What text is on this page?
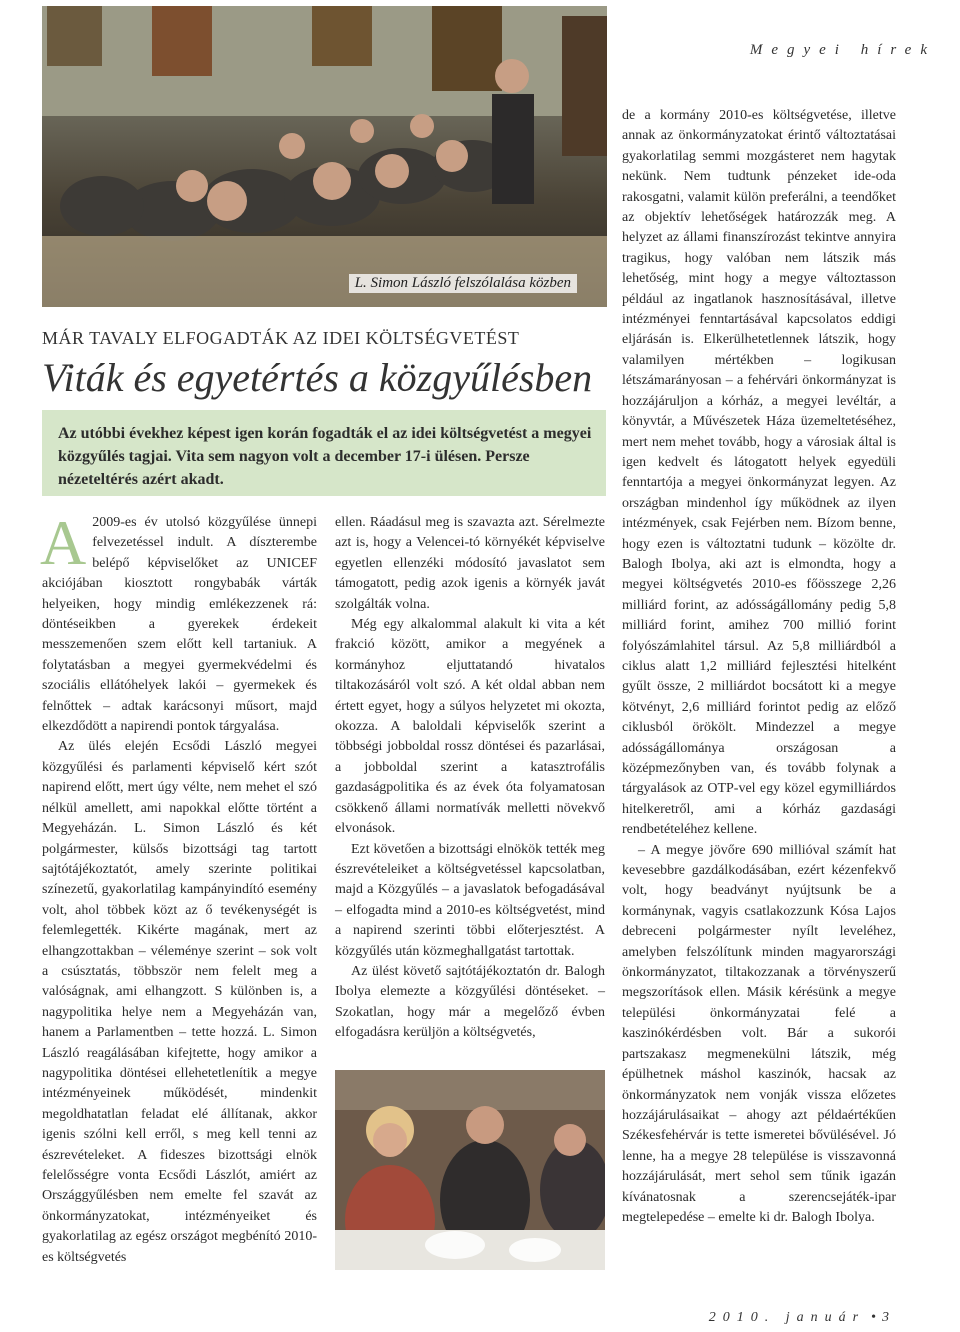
Megyei hírek
L. Simon László felszólalása közben
MÁR TAVALY ELFOGADTÁK AZ IDEI KÖLTSÉGVETÉST
Viták és egyetértés a közgyűlésben
Az utóbbi évekhez képest igen korán fogadták el az idei költségvetést a megyei közgyűlés tagjai. Vita sem nagyon volt a december 17-i ülésen. Persze nézeteltérés azért akadt.

A 2009-es év utolsó közgyűlése ünnepi felvezetéssel indult. A díszterembe belépő képviselőket az UNICEF akciójában kiosztott rongybabák várták helyeiken, hogy mindig emlékezzenek rá: döntéseikben a gyerekek érdekeit messzemenően szem előtt kell tartaniuk. A folytatásban a megyei gyermekvédelmi és szociális ellátóhelyek lakói – gyermekek és felnőttek – adtak karácsonyi műsort, majd elkezdődött a napirendi pontok tárgyalása.

Az ülés elején Ecsődi László megyei közgyűlési és parlamenti képviselő kért szót napirend előtt, mert úgy vélte, nem mehet el szó nélkül amellett, ami napokkal előtte történt a Megyeházán. L. Simon László és két polgármester, külsős bizottsági tag tartott sajtótájékoztatót, amely szerinte politikai színezetű, gyakorlatilag kampányindító esemény volt, ahol többek közt az ő tevékenységét is felemlegették. Kikérte magának, mert az elhangzottakban – véleménye szerint – sok volt a csúsztatás, többször nem felelt meg a valóságnak, ami elhangzott. S különben is, a nagypolitika helye nem a Megyeházán van, hanem a Parlamentben – tette hozzá. L. Simon László reagálásában kifejtette, hogy amikor a nagypolitika döntései ellehetetlenítik a megye intézményeinek működését, mindenkit megoldhatatlan feladat elé állítanak, akkor igenis szólni kell erről, s meg kell tenni az észrevételeket. A fideszes bizottsági elnök felelősségre vonta Ecsődi Lászlót, amiért az Országgyűlésben nem emelte fel szavát az önkormányzatokat, intézményeiket és gyakorlatilag az egész országot megbénító 2010-es költségvetés

ellen. Ráadásul meg is szavazta azt. Sérelmezte azt is, hogy a Velencei-tó környékét képviselve egyetlen ellenzéki módosító javaslatot sem támogatott, pedig azok igenis a környék javát szolgálták volna.

Még egy alkalommal alakult ki vita a két frakció között, amikor a megyének a kormányhoz eljuttatandó hivatalos tiltakozásáról volt szó. A két oldal abban nem értett egyet, hogy a súlyos helyzetet mi okozta, okozza. A baloldali képviselők szerint a többségi jobboldal rossz döntései és pazarlásai, a jobboldal szerint a katasztrofális gazdaságpolitika és az évek óta folyamatosan csökkenő állami normatívák melletti növekvő elvonások.

Ezt követően a bizottsági elnökök tették meg észrevételeiket a költségvetéssel kapcsolatban, majd a Közgyűlés – a javaslatok befogadásával – elfogadta mind a 2010-es költségvetést, mind a napirend szerinti többi előterjesztést. A közgyűlés után közmeghallgatást tartottak.

Az ülést követő sajtótájékoztatón dr. Balogh Ibolya elemezte a közgyűlési döntéseket. – Szokatlan, hogy már a megelőző évben elfogadásra kerüljön a költségvetés,

de a kormány 2010-es költségvetése, illetve annak az önkormányzatokat érintő változtatásai gyakorlatilag semmi mozgásteret nem hagytak nekünk. Nem tudtunk pénzeket ide-oda rakosgatni, valamit külön preferálni, a teendőket az objektív lehetőségek határozzák meg. A helyzet az állami finanszírozást tekintve annyira tragikus, hogy valóban nem látszik más lehetőség, mint hogy a megye változtasson például az ingatlanok hasznosításával, illetve intézményei fenntartásával kapcsolatos eddigi eljárásán is. Elkerülhetetlennek látszik, hogy valamilyen mértékben – logikusan létszámarányosan – a fehérvári önkormányzat is hozzájáruljon a kórház, a megyei levéltár, a könyvtár, a Művészetek Háza üzemeltetéséhez, mert nem mehet tovább, hogy a városiak által is igen kedvelt és látogatott helyek egyedüli fenntartója a megyei önkormányzat legyen. Az országban mindenhol így működnek az ilyen intézmények, csak Fejérben nem. Bízom benne, hogy ezen is változtatni tudunk – közölte dr. Balogh Ibolya, aki azt is elmondta, hogy a megyei költségvetés 2010-es főösszege 2,26 milliárd forint, az adósságállomány pedig 5,8 milliárd forint, amihez 700 millió forint folyószámlahitel társul. Az 5,8 milliárdból a ciklus alatt 1,2 milliárd fejlesztési hitelként gyűlt össze, 2 milliárdot bocsátott ki a megye kötvényt, 2,6 milliárd forintot pedig az előző ciklusból örökölt. Mindezzel a megye adósságállománya országosan a középmezőnyben van, és tovább folynak a tárgyalások az OTP-vel egy közel egymilliárdos hitelkeretről, ami a kórház gazdasági rendbetételéhez kellene.

– A megye jövőre 690 millióval számít hat kevesebbre gazdálkodásában, ezért kézenfekvő volt, hogy beadványt nyújtsunk be a kormánynak, vagyis csatlakozzunk Kósa Lajos debreceni polgármester nyílt leveléhez, amelyben felszólítunk minden magyarországi önkormányzatot, tiltakozzanak a törvényszerű megszorítások ellen. Másik kérésünk a megye települési önkormányzatai felé a kaszinókérdésben volt. Bár a sukorói partszakasz megmenekülni látszik, még épülhetnek máshol kaszinók, hacsak az önkormányzatok nem vonják vissza előzetes hozzájárulásaikat – ahogy azt példaértékűen Székesfehérvár is tette ismeretei bővülésével. Jó lenne, ha a megye 28 települése is visszavonná hozzájárulását, mert sehol sem tűnik igazán kívánatosnak a szerencsejáték-ipar megtelepedése – emelte ki dr. Balogh Ibolya.

2010. január • 3
